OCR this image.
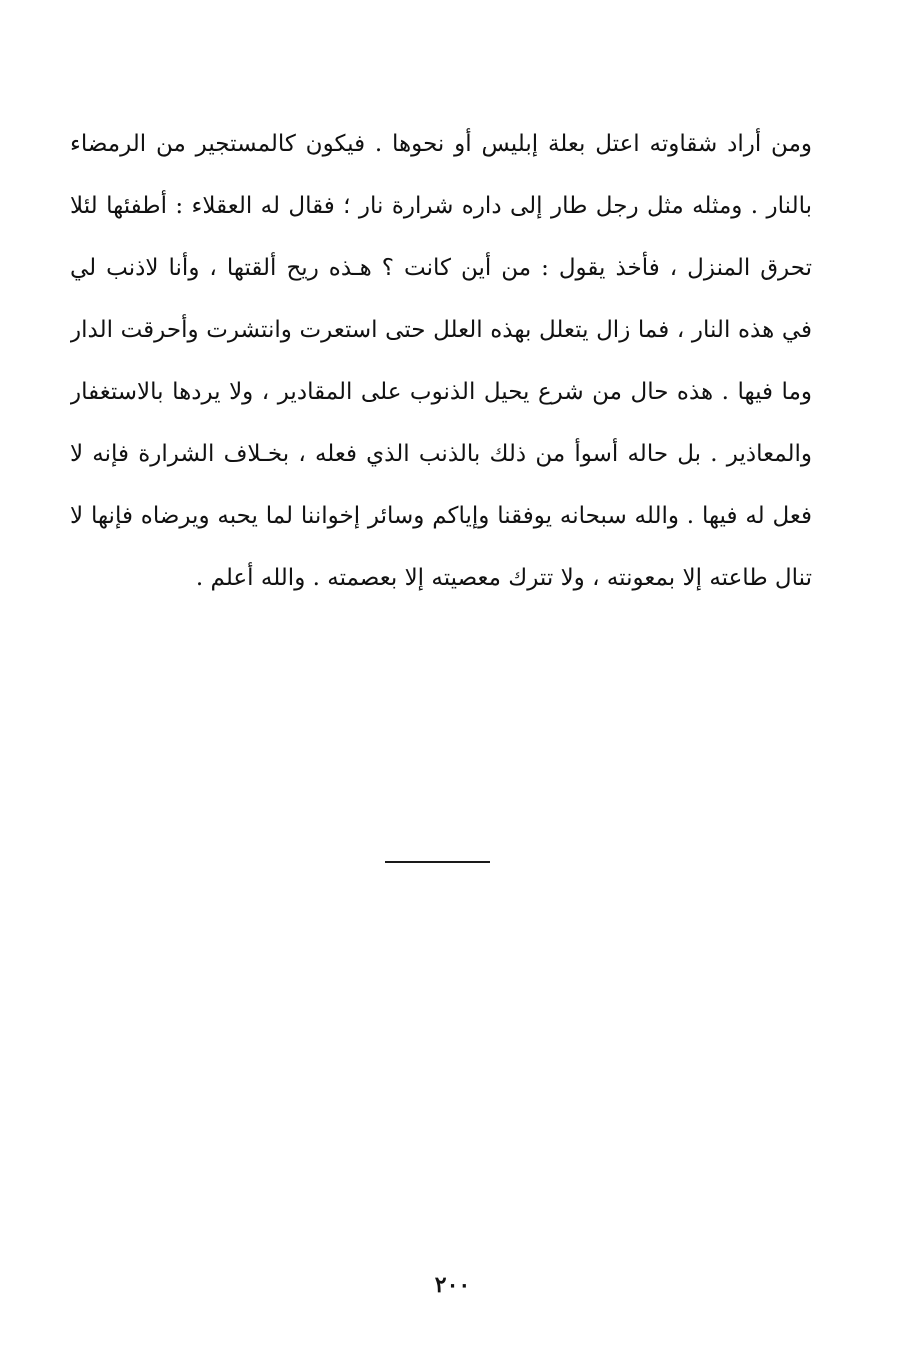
ومن أراد شقاوته اعتل بعلة إبليس أو نحوها . فيكون كالمستجير من الرمضاء
بالنار . ومثله مثل رجل طار إلى داره شرارة نار ؛ فقال له العقلاء : أطفئها لئلا
تحرق المنزل ، فأخذ يقول : من أين كانت ؟ هـذه ريح ألقتها ، وأنا لاذنب لي
في هذه النار ، فما زال يتعلل بهذه العلل حتى استعرت وانتشرت وأحرقت الدار
وما فيها . هذه حال من شرع يحيل الذنوب على المقادير ، ولا يردها بالاستغفار
والمعاذير . بل حاله أسوأ من ذلك بالذنب الذي فعله ، بخـلاف الشرارة فإنه لا
فعل له فيها . والله سبحانه يوفقنا وإياكم وسائر إخواننا لما يحبه ويرضاه فإنها لا
تنال طاعته إلا بمعونته ، ولا تترك معصيته إلا بعصمته . والله أعلم .
٢٠٠
